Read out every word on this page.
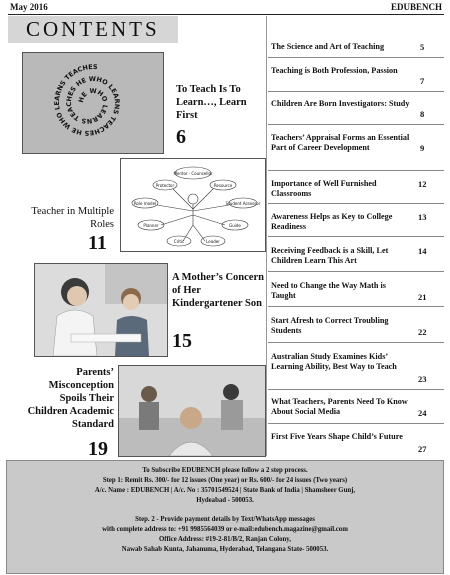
May 2016	EDUBENCH
CONTENTS
HE WHO LEARNS TEACHES HE WHO LEARNS TEACHES HE WHO LEARNS TEACHES
To Teach Is To Learn…, Learn First
6
Teacher in Multiple Roles
11
Mentor · Counsellor
Protector	Resource
Role model	Student Assessor
Planner	Guide
Critic	Leader
A Mother’s Concern of Her Kindergartener Son
15
Parents’ Misconception Spoils Their Children Academic Standard
19
The Science and Art of Teaching	5
Teaching is Both Profession, Passion
7
Children Are Born Investigators: Study
8
Teachers’ Appraisal Forms an Essential Part of Career Development	9
Importance of Well Furnished Classrooms
12
Awareness Helps as Key to College Readiness
13
Receiving Feedback is a Skill, Let Children Learn This Art
14
Need to Change the Way Math is Taught	21
Start Afresh to Correct Troubling Students	22
Australian Study Examines Kids’ Learning Ability, Best Way to Teach
23
What Teachers, Parents Need To Know About Social Media	24
First Five Years Shape Child’s Future
27
To Subscribe EDUBENCH please follow a 2 step process.
Step 1: Remit Rs. 300/- for 12 issues (One year) or Rs. 600/- for 24 issues (Two years)
A/c. Name : EDUBENCH | A/c. No : 35701549524 | State Bank of India | Shamsheer Gunj,
Hydeabad - 500053.
Step. 2 - Provide payment details by Text/WhatsApp messages
with complete address to: +91 9985564039 or e-mail:edubench.magazine@gmail.com
Office Address: #19-2-81/B/2, Ranjan Colony,
Nawab Sahab Kunta, Jahanuma, Hyderabad, Telangana State- 500053.
